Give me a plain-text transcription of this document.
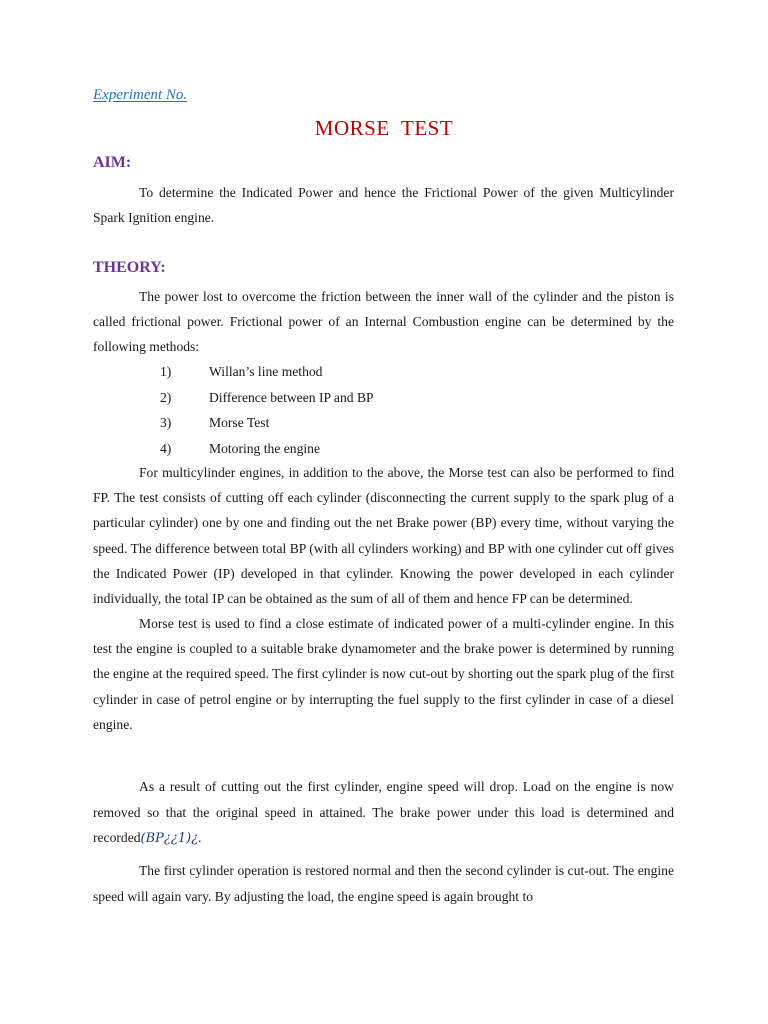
Experiment No.
MORSE TEST
AIM:

To determine the Indicated Power and hence the Frictional Power of the given Multicylinder Spark Ignition engine.

THEORY:

The power lost to overcome the friction between the inner wall of the cylinder and the piston is called frictional power. Frictional power of an Internal Combustion engine can be determined by the following methods:

1)	Willan’s line method
2)	Difference between IP and BP
3)	Morse Test
4)	Motoring the engine

For multicylinder engines, in addition to the above, the Morse test can also be performed to find FP. The test consists of cutting off each cylinder (disconnecting the current supply to the spark plug of a particular cylinder) one by one and finding out the net Brake power (BP) every time, without varying the speed. The difference between total BP (with all cylinders working) and BP with one cylinder cut off gives the Indicated Power (IP) developed in that cylinder. Knowing the power developed in each cylinder individually, the total IP can be obtained as the sum of all of them and hence FP can be determined.

Morse test is used to find a close estimate of indicated power of a multi-cylinder engine. In this test the engine is coupled to a suitable brake dynamometer and the brake power is determined by running the engine at the required speed. The first cylinder is now cut-out by shorting out the spark plug of the first cylinder in case of petrol engine or by interrupting the fuel supply to the first cylinder in case of a diesel engine.

As a result of cutting out the first cylinder, engine speed will drop. Load on the engine is now removed so that the original speed in attained. The brake power under this load is determined and recorded(BP¿¿1)¿.

The first cylinder operation is restored normal and then the second cylinder is cut-out. The engine speed will again vary. By adjusting the load, the engine speed is again brought to
